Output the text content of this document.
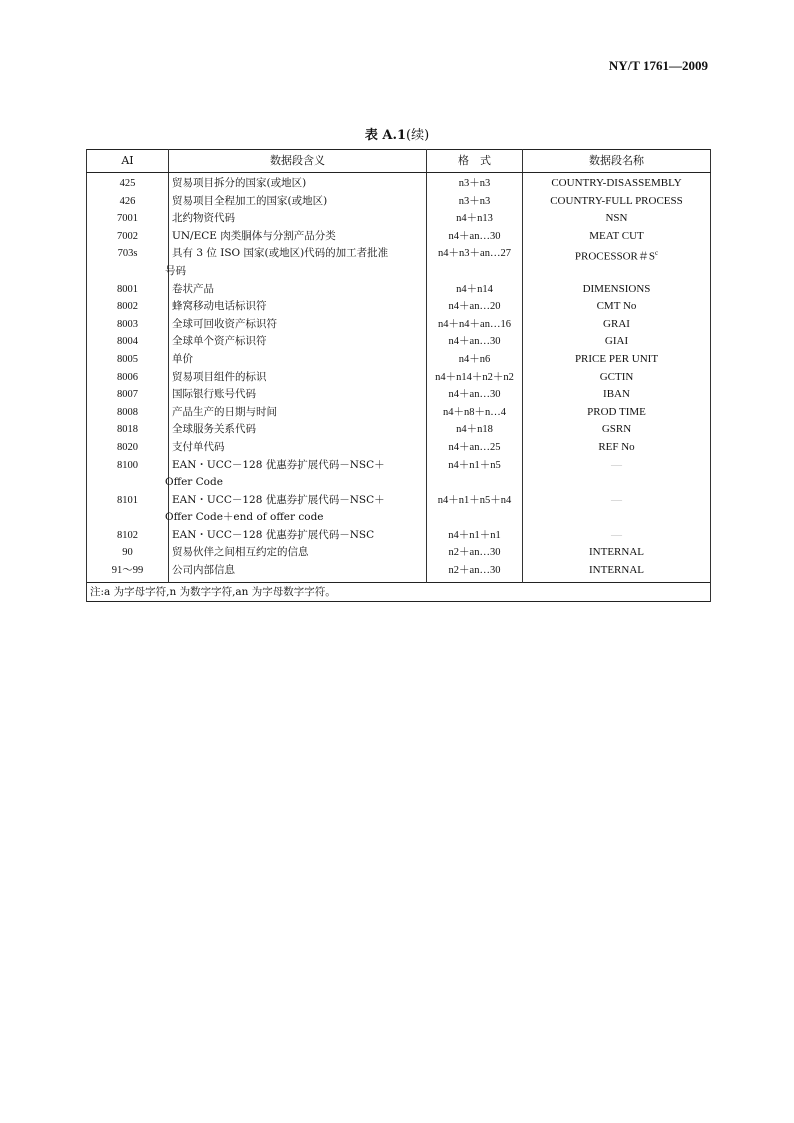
NY/T 1761—2009
表 A.1(续)
AI	数据段含义	格　式	数据段名称
425	贸易项目拆分的国家(或地区)	n3＋n3	COUNTRY-DISASSEMBLY
426	贸易项目全程加工的国家(或地区)	n3＋n3	COUNTRY-FULL PROCESS
7001	北约物资代码	n4＋n13	NSN
7002	UN/ECE 肉类胴体与分割产品分类	n4＋an…30	MEAT CUT
703s	具有 3 位 ISO 国家(或地区)代码的加工者批准
号码	n4＋n3＋an…27	PROCESSOR＃$S^c$
8001	卷状产品	n4＋n14	DIMENSIONS
8002	蜂窝移动电话标识符	n4＋an…20	CMT No
8003	全球可回收资产标识符	n4＋n4＋an…16	GRAI
8004	全球单个资产标识符	n4＋an…30	GIAI
8005	单价	n4＋n6	PRICE PER UNIT
8006	贸易项目组件的标识	n4＋n14＋n2＋n2	GCTIN
8007	国际银行账号代码	n4＋an…30	IBAN
8008	产品生产的日期与时间	n4＋n8＋n…4	PROD TIME
8018	全球服务关系代码	n4＋n18	GSRN
8020	支付单代码	n4＋an…25	REF No
8100	EAN・UCC－128 优惠券扩展代码－NSC＋
Offer Code	n4＋n1＋n5	—
8101	EAN・UCC－128 优惠券扩展代码－NSC＋
Offer Code＋end of offer code	n4＋n1＋n5＋n4	—
8102	EAN・UCC－128 优惠券扩展代码－NSC	n4＋n1＋n1	—
90	贸易伙伴之间相互约定的信息	n2＋an…30	INTERNAL
91～99	公司内部信息	n2＋an…30	INTERNAL
注:a 为字母字符,n 为数字字符,an 为字母数字字符。			
